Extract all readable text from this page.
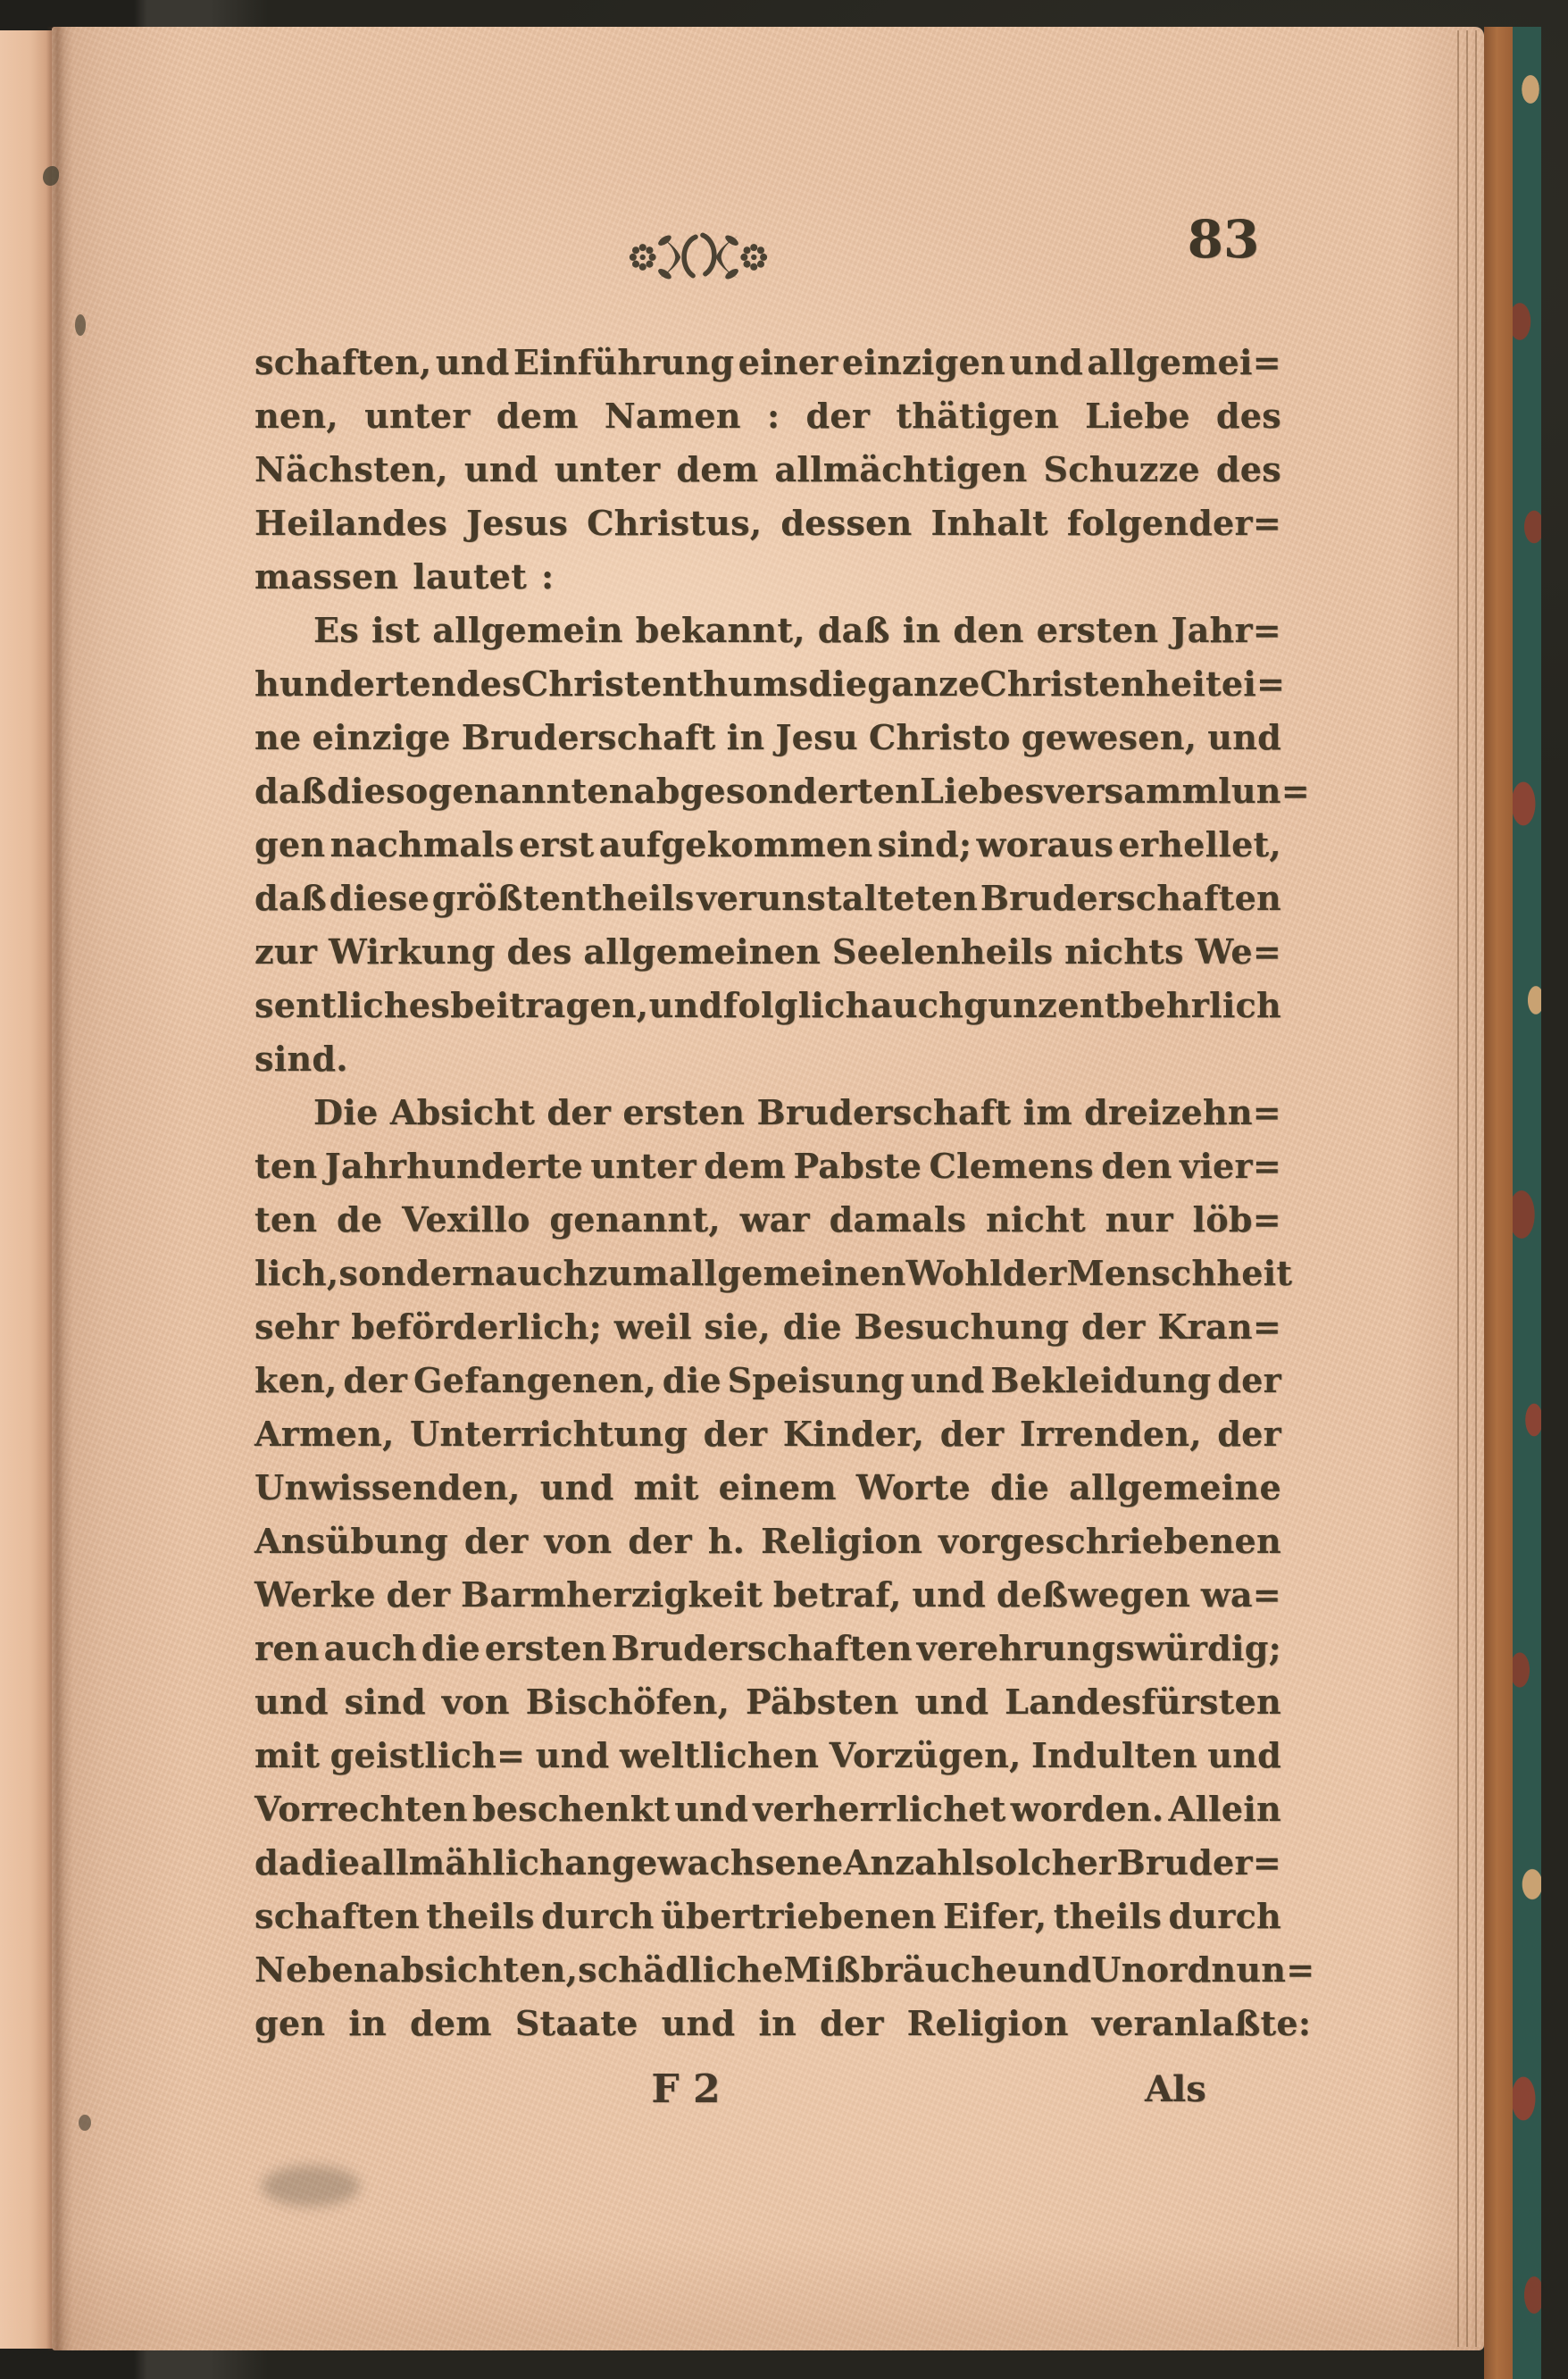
83
schaften, und Einführung einer einzigen und allgemei=
nen, unter dem Namen : der thätigen Liebe des
Nächsten, und unter dem allmächtigen Schuzze des
Heilandes Jesus Christus, dessen Inhalt folgender=
massen lautet :
Es ist allgemein bekannt, daß in den ersten Jahr=
hunderten des Christenthums die ganze Christenheit ei=
ne einzige Bruderschaft in Jesu Christo gewesen, und
daß die sogenannten abgesonderten Liebesversammlun=
gen nachmals erst aufgekommen sind; woraus erhellet,
daß diese größtentheils verunstalteten Bruderschaften
zur Wirkung des allgemeinen Seelenheils nichts We=
sentliches beitragen, und folglich auch gunz entbehrlich
sind.
Die Absicht der ersten Bruderschaft im dreizehn=
ten Jahrhunderte unter dem Pabste Clemens den vier=
ten de Vexillo genannt, war damals nicht nur löb=
lich, sondern auch zum allgemeinen Wohl der Menschheit
sehr beförderlich; weil sie, die Besuchung der Kran=
ken, der Gefangenen, die Speisung und Bekleidung der
Armen, Unterrichtung der Kinder, der Irrenden, der
Unwissenden, und mit einem Worte die allgemeine
Ansübung der von der h. Religion vorgeschriebenen
Werke der Barmherzigkeit betraf, und deßwegen wa=
ren auch die ersten Bruderschaften verehrungswürdig;
und sind von Bischöfen, Päbsten und Landesfürsten
mit geistlich= und weltlichen Vorzügen, Indulten und
Vorrechten beschenkt und verherrlichet worden. Allein
da die allmählich angewachsene Anzahl solcher Bruder=
schaften theils durch übertriebenen Eifer, theils durch
Nebenabsichten, schädliche Mißbräuche und Unordnun=
gen in dem Staate und in der Religion veranlaßte:
F 2	Als
